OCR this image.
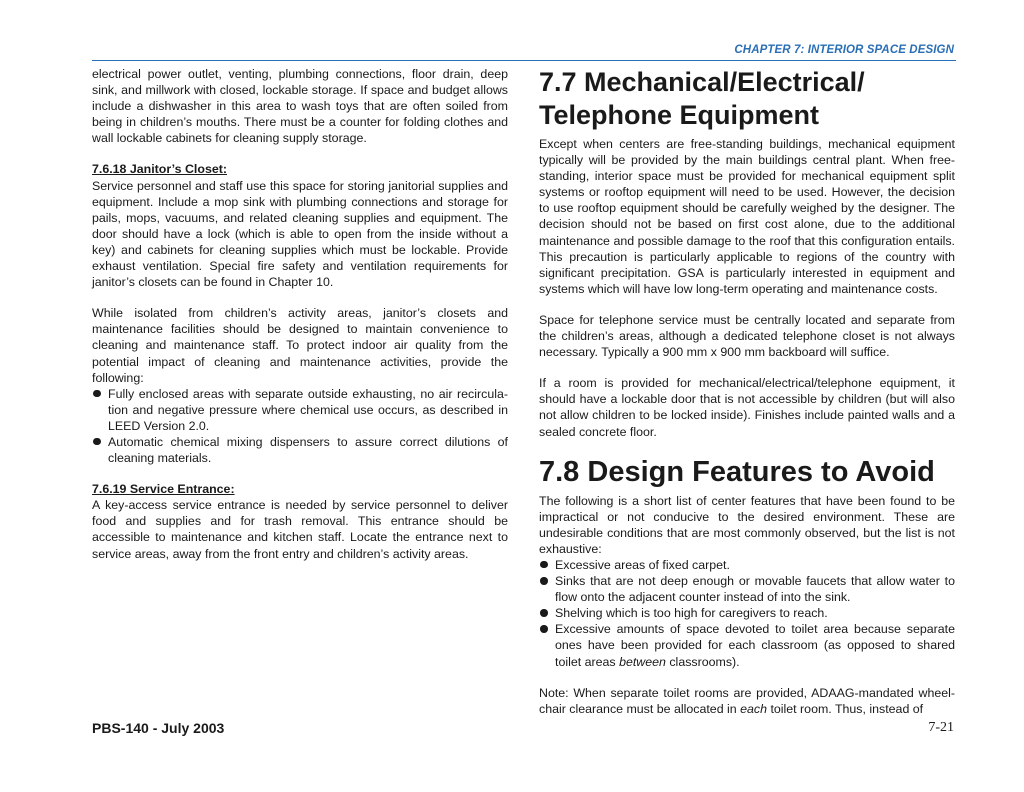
CHAPTER 7: INTERIOR SPACE DESIGN

electrical power outlet, venting, plumbing connections, floor drain, deep sink, and millwork with closed, lockable storage. If space and budget allows include a dishwasher in this area to wash toys that are often soiled from being in children’s mouths. There must be a counter for folding clothes and wall lockable cabinets for cleaning supply storage.

7.6.18 Janitor’s Closet:

Service personnel and staff use this space for storing janitorial supplies and equipment. Include a mop sink with plumbing connections and storage for pails, mops, vacuums, and related cleaning supplies and equipment. The door should have a lock (which is able to open from the inside without a key) and cabinets for cleaning supplies which must be lockable. Provide exhaust ventilation. Special fire safety and ventilation requirements for janitor’s closets can be found in Chapter 10.

While isolated from children’s activity areas, janitor’s closets and maintenance facilities should be designed to maintain convenience to cleaning and maintenance staff. To protect indoor air quality from the potential impact of cleaning and maintenance activities, provide the following:

Fully enclosed areas with separate outside exhausting, no air recircula-tion and negative pressure where chemical use occurs, as described in LEED Version 2.0.
Automatic chemical mixing dispensers to assure correct dilutions of cleaning materials.

7.6.19 Service Entrance:

A key-access service entrance is needed by service personnel to deliver food and supplies and for trash removal. This entrance should be accessible to maintenance and kitchen staff. Locate the entrance next to service areas, away from the front entry and children’s activity areas.

7.7 Mechanical/Electrical/
Telephone Equipment

Except when centers are free-standing buildings, mechanical equipment typically will be provided by the main buildings central plant. When free-standing, interior space must be provided for mechanical equipment split systems or rooftop equipment will need to be used. However, the decision to use rooftop equipment should be carefully weighed by the designer. The decision should not be based on first cost alone, due to the additional maintenance and possible damage to the roof that this configuration entails. This precaution is particularly applicable to regions of the country with significant precipitation. GSA is particularly interested in equipment and systems which will have low long-term operating and maintenance costs.

Space for telephone service must be centrally located and separate from the children’s areas, although a dedicated telephone closet is not always necessary. Typically a 900 mm x 900 mm backboard will suffice.

If a room is provided for mechanical/electrical/telephone equipment, it should have a lockable door that is not accessible by children (but will also not allow children to be locked inside). Finishes include painted walls and a sealed concrete floor.

7.8 Design Features to Avoid

The following is a short list of center features that have been found to be impractical or not conducive to the desired environment. These are undesirable conditions that are most commonly observed, but the list is not exhaustive:

Excessive areas of fixed carpet.
Sinks that are not deep enough or movable faucets that allow water to flow onto the adjacent counter instead of into the sink.
Shelving which is too high for caregivers to reach.
Excessive amounts of space devoted to toilet area because separate ones have been provided for each classroom (as opposed to shared toilet areas between classrooms).

Note: When separate toilet rooms are provided, ADAAG-mandated wheel-chair clearance must be allocated in each toilet room. Thus, instead of

PBS-140 - July 2003	7-21
